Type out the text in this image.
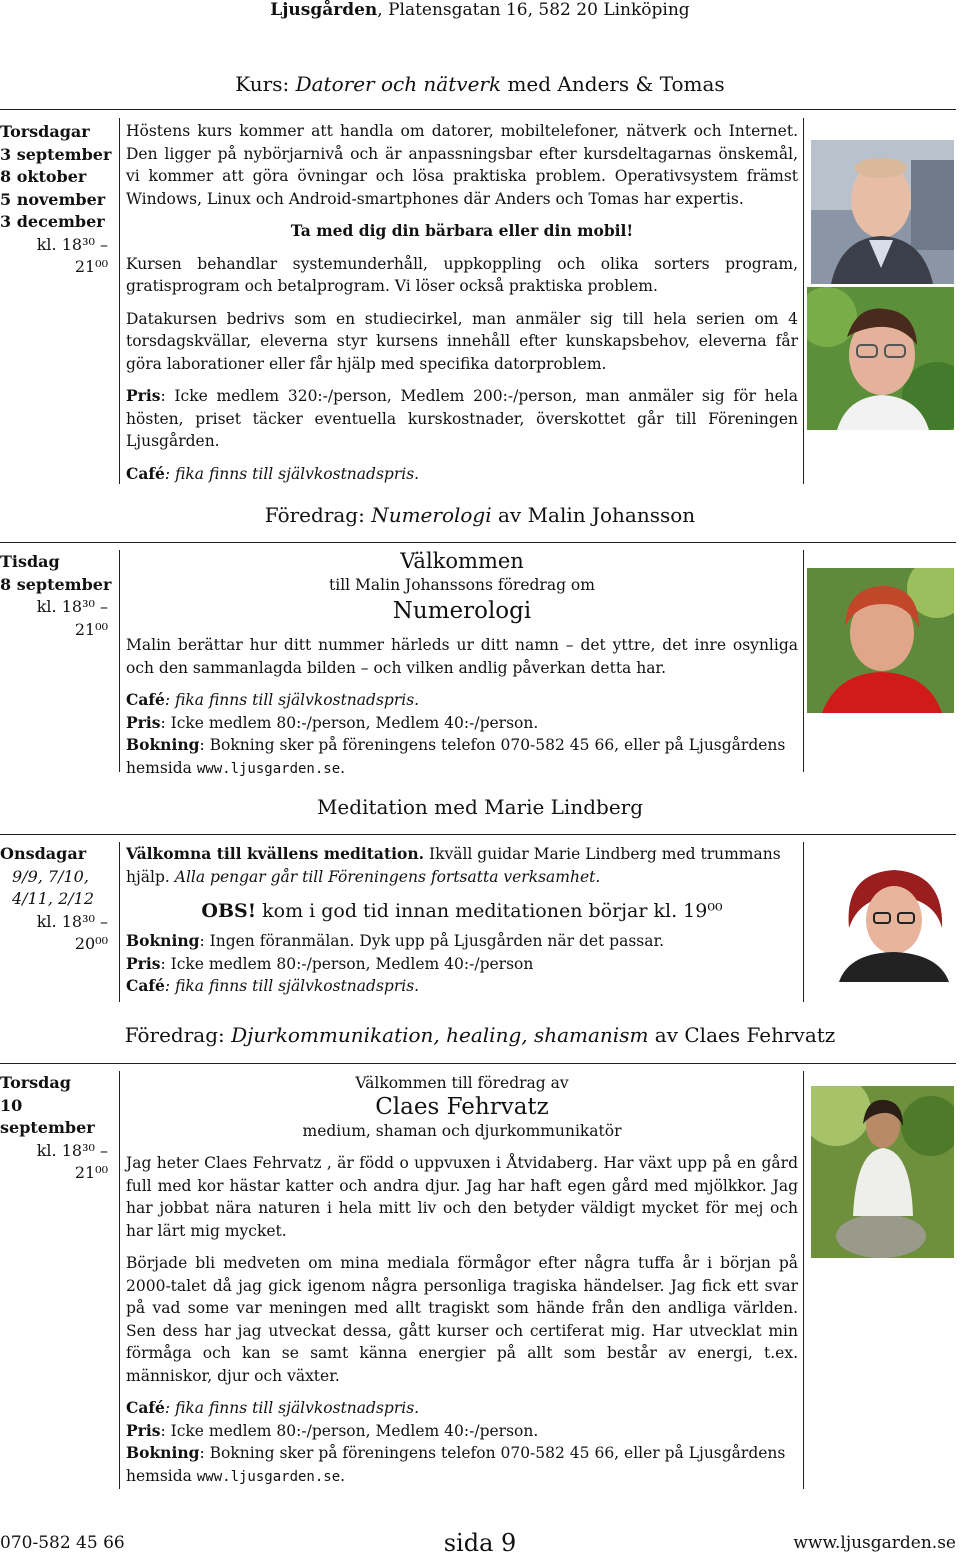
Ljusgården, Platensgatan 16, 582 20 Linköping
Kurs: Datorer och nätverk med Anders & Tomas
Torsdagar
3 september
8 oktober
5 november
3 december
kl. 18³⁰ – 21⁰⁰

Höstens kurs kommer att handla om datorer, mobiltelefoner, nätverk och Internet. Den ligger på nybörjarnivå och är anpassningsbar efter kursdeltagarnas önskemål, vi kommer att göra övningar och lösa praktiska problem. Operativsystem främst Windows, Linux och Android-smartphones där Anders och Tomas har expertis.

Ta med dig din bärbara eller din mobil!

Kursen behandlar systemunderhåll, uppkoppling och olika sorters program, gratisprogram och betalprogram. Vi löser också praktiska problem.

Datakursen bedrivs som en studiecirkel, man anmäler sig till hela serien om 4 torsdagskvällar, eleverna styr kursens innehåll efter kunskapsbehov, eleverna får göra laborationer eller får hjälp med specifika datorproblem.

Pris: Icke medlem 320:-/person, Medlem 200:-/person, man anmäler sig för hela hösten, priset täcker eventuella kurskostnader, överskottet går till Föreningen Ljusgården.

Café: fika finns till självkostnadspris.

Föredrag: Numerologi av Malin Johansson
Tisdag
8 september
kl. 18³⁰ – 21⁰⁰
Välkommen
till Malin Johanssons föredrag om
Numerologi

Malin berättar hur ditt nummer härleds ur ditt namn – det yttre, det inre osynliga och den sammanlagda bilden – och vilken andlig påverkan detta har.

Café: fika finns till självkostnadspris.
Pris: Icke medlem 80:-/person, Medlem 40:-/person.
Bokning: Bokning sker på föreningens telefon 070-582 45 66, eller på Ljusgårdens hemsida www.ljusgarden.se.
Meditation med Marie Lindberg
Onsdagar
9/9, 7/10,
4/11, 2/12
kl. 18³⁰ – 20⁰⁰

Välkomna till kvällens meditation. Ikväll guidar Marie Lindberg med trummans hjälp. Alla pengar går till Föreningens fortsatta verksamhet.

OBS! kom i god tid innan meditationen börjar kl. 19⁰⁰
Bokning: Ingen föranmälan. Dyk upp på Ljusgården när det passar.
Pris: Icke medlem 80:-/person, Medlem 40:-/person
Café: fika finns till självkostnadspris.
Föredrag: Djurkommunikation, healing, shamanism av Claes Fehrvatz
Torsdag
10 september
kl. 18³⁰ – 21⁰⁰
Välkommen till föredrag av
Claes Fehrvatz
medium, shaman och djurkommunikatör

Jag heter Claes Fehrvatz , är född o uppvuxen i Åtvidaberg. Har växt upp på en gård full med kor hästar katter och andra djur. Jag har haft egen gård med mjölkkor. Jag har jobbat nära naturen i hela mitt liv och den betyder väldigt mycket för mej och har lärt mig mycket.

Började bli medveten om mina mediala förmågor efter några tuffa år i början på 2000-talet då jag gick igenom några personliga tragiska händelser. Jag fick ett svar på vad some var meningen med allt tragiskt som hände från den andliga världen. Sen dess har jag utveckat dessa, gått kurser och certiferat mig. Har utvecklat min förmåga och kan se samt känna energier på allt som består av energi, t.ex. människor, djur och växter.

Café: fika finns till självkostnadspris.
Pris: Icke medlem 80:-/person, Medlem 40:-/person.
Bokning: Bokning sker på föreningens telefon 070-582 45 66, eller på Ljusgårdens hemsida www.ljusgarden.se.
070-582 45 66	sida 9	www.ljusgarden.se
